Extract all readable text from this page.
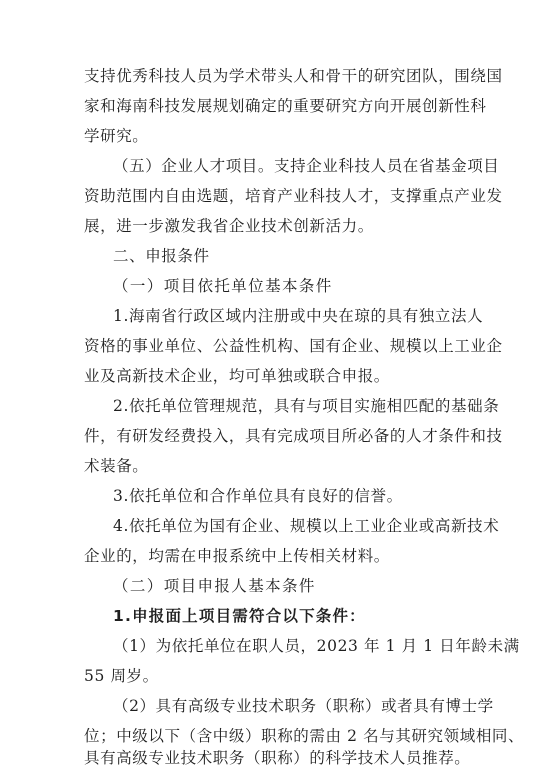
支持优秀科技人员为学术带头人和骨干的研究团队，围绕国
家和海南科技发展规划确定的重要研究方向开展创新性科
学研究。
（五）企业人才项目。支持企业科技人员在省基金项目
资助范围内自由选题，培育产业科技人才，支撑重点产业发
展，进一步激发我省企业技术创新活力。
二、申报条件
（一）项目依托单位基本条件
1.海南省行政区域内注册或中央在琼的具有独立法人
资格的事业单位、公益性机构、国有企业、规模以上工业企
业及高新技术企业，均可单独或联合申报。
2.依托单位管理规范，具有与项目实施相匹配的基础条
件，有研发经费投入，具有完成项目所必备的人才条件和技
术装备。
3.依托单位和合作单位具有良好的信誉。
4.依托单位为国有企业、规模以上工业企业或高新技术
企业的，均需在申报系统中上传相关材料。
（二）项目申报人基本条件
1.申报面上项目需符合以下条件：
（1）为依托单位在职人员，2023 年 1 月 1 日年龄未满
55 周岁。
（2）具有高级专业技术职务（职称）或者具有博士学
位；中级以下（含中级）职称的需由 2 名与其研究领域相同、
具有高级专业技术职务（职称）的科学技术人员推荐。
